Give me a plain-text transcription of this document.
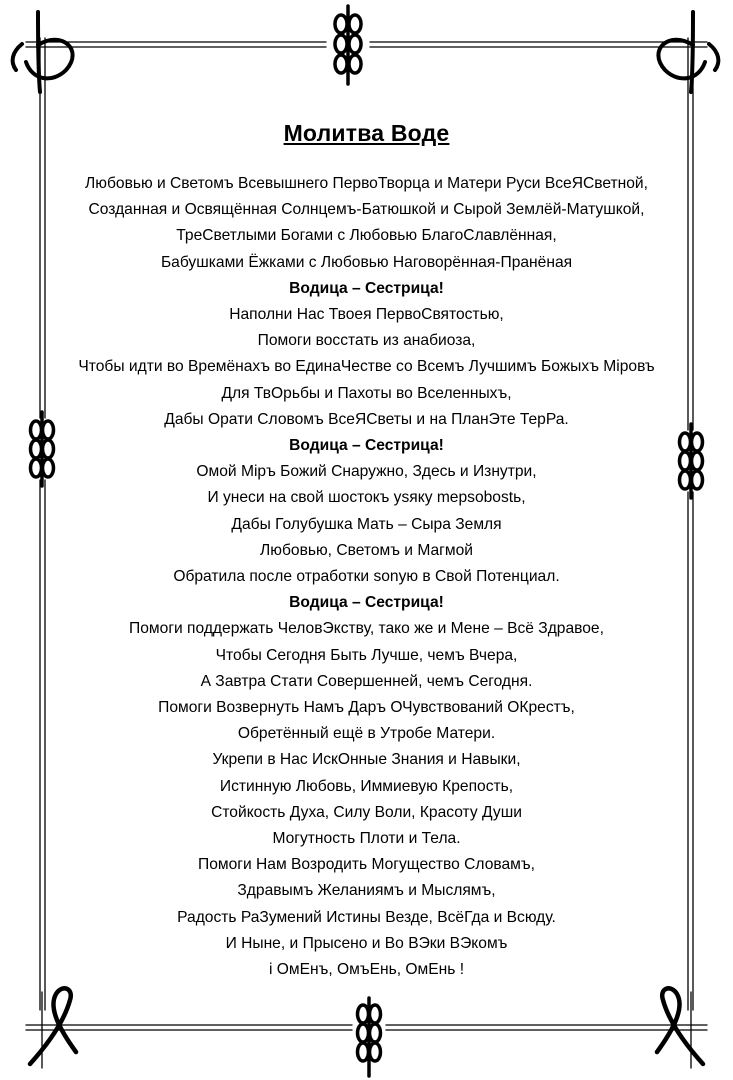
Молитва Воде
Любовью и Светомъ Всевышнего ПервоТворца и Матери Руси ВсеЯСветной,
Созданная и Освящённая Солнцемъ-Батюшкой и Сырой Землёй-Матушкой,
ТреСветлыми Богами с Любовью БлагоСлавлённая,
Бабушками Ёжками с Любовью Наговорённая-Пранёная
Водица – Сестрица!
Наполни Нас Твоея ПервоСвятостью,
Помоги восстать из анабиоза,
Чтобы идти во Времёнахъ во ЕдинаЧестве со Всемъ Лучшимъ Божыхъ Міровъ
Для ТвОрьбы и Пахоты во Вселенныхъ,
Дабы Орати Словомъ ВсеЯСветы и на ПланЭте ТерРа.
Водица – Сестрица!
Омой Міръ Божий Снаружно, Здесь и Изнутри,
И унеси на свой шостокъ ysяку mepsobostь,
Дабы Голубушка Мать – Сыра Земля
Любовью, Светомъ и Магмой
Обратила после отработки sonyю в Свой Потенциал.
Водица – Сестрица!
Помоги поддержать ЧеловЭкству, тако же и Мене – Всё Здравое,
Чтобы Сегодня Быть Лучше, чемъ Вчера,
А Завтра Стати Совершенней, чемъ Сегодня.
Помоги Возвернуть Намъ Даръ ОЧувствований ОКрестъ,
Обретённый ещё в Утробе Матери.
Укрепи в Нас ИскОнные Знания и Навыки,
Истинную Любовь, Иммиевую Крепость,
Стойкость Духа, Силу Воли, Красоту Души
Могутность Плоти и Тела.
Помоги Нам Возродить Могущество Словамъ,
Здравымъ Желаниямъ и Мыслямъ,
Радость РаЗумений Истины Везде, ВсёГда и Всюду.
И Ныне, и Прысено и Во ВЭки ВЭкомъ
і ОмЕнъ, ОмъЕнь, ОмЕнь !
